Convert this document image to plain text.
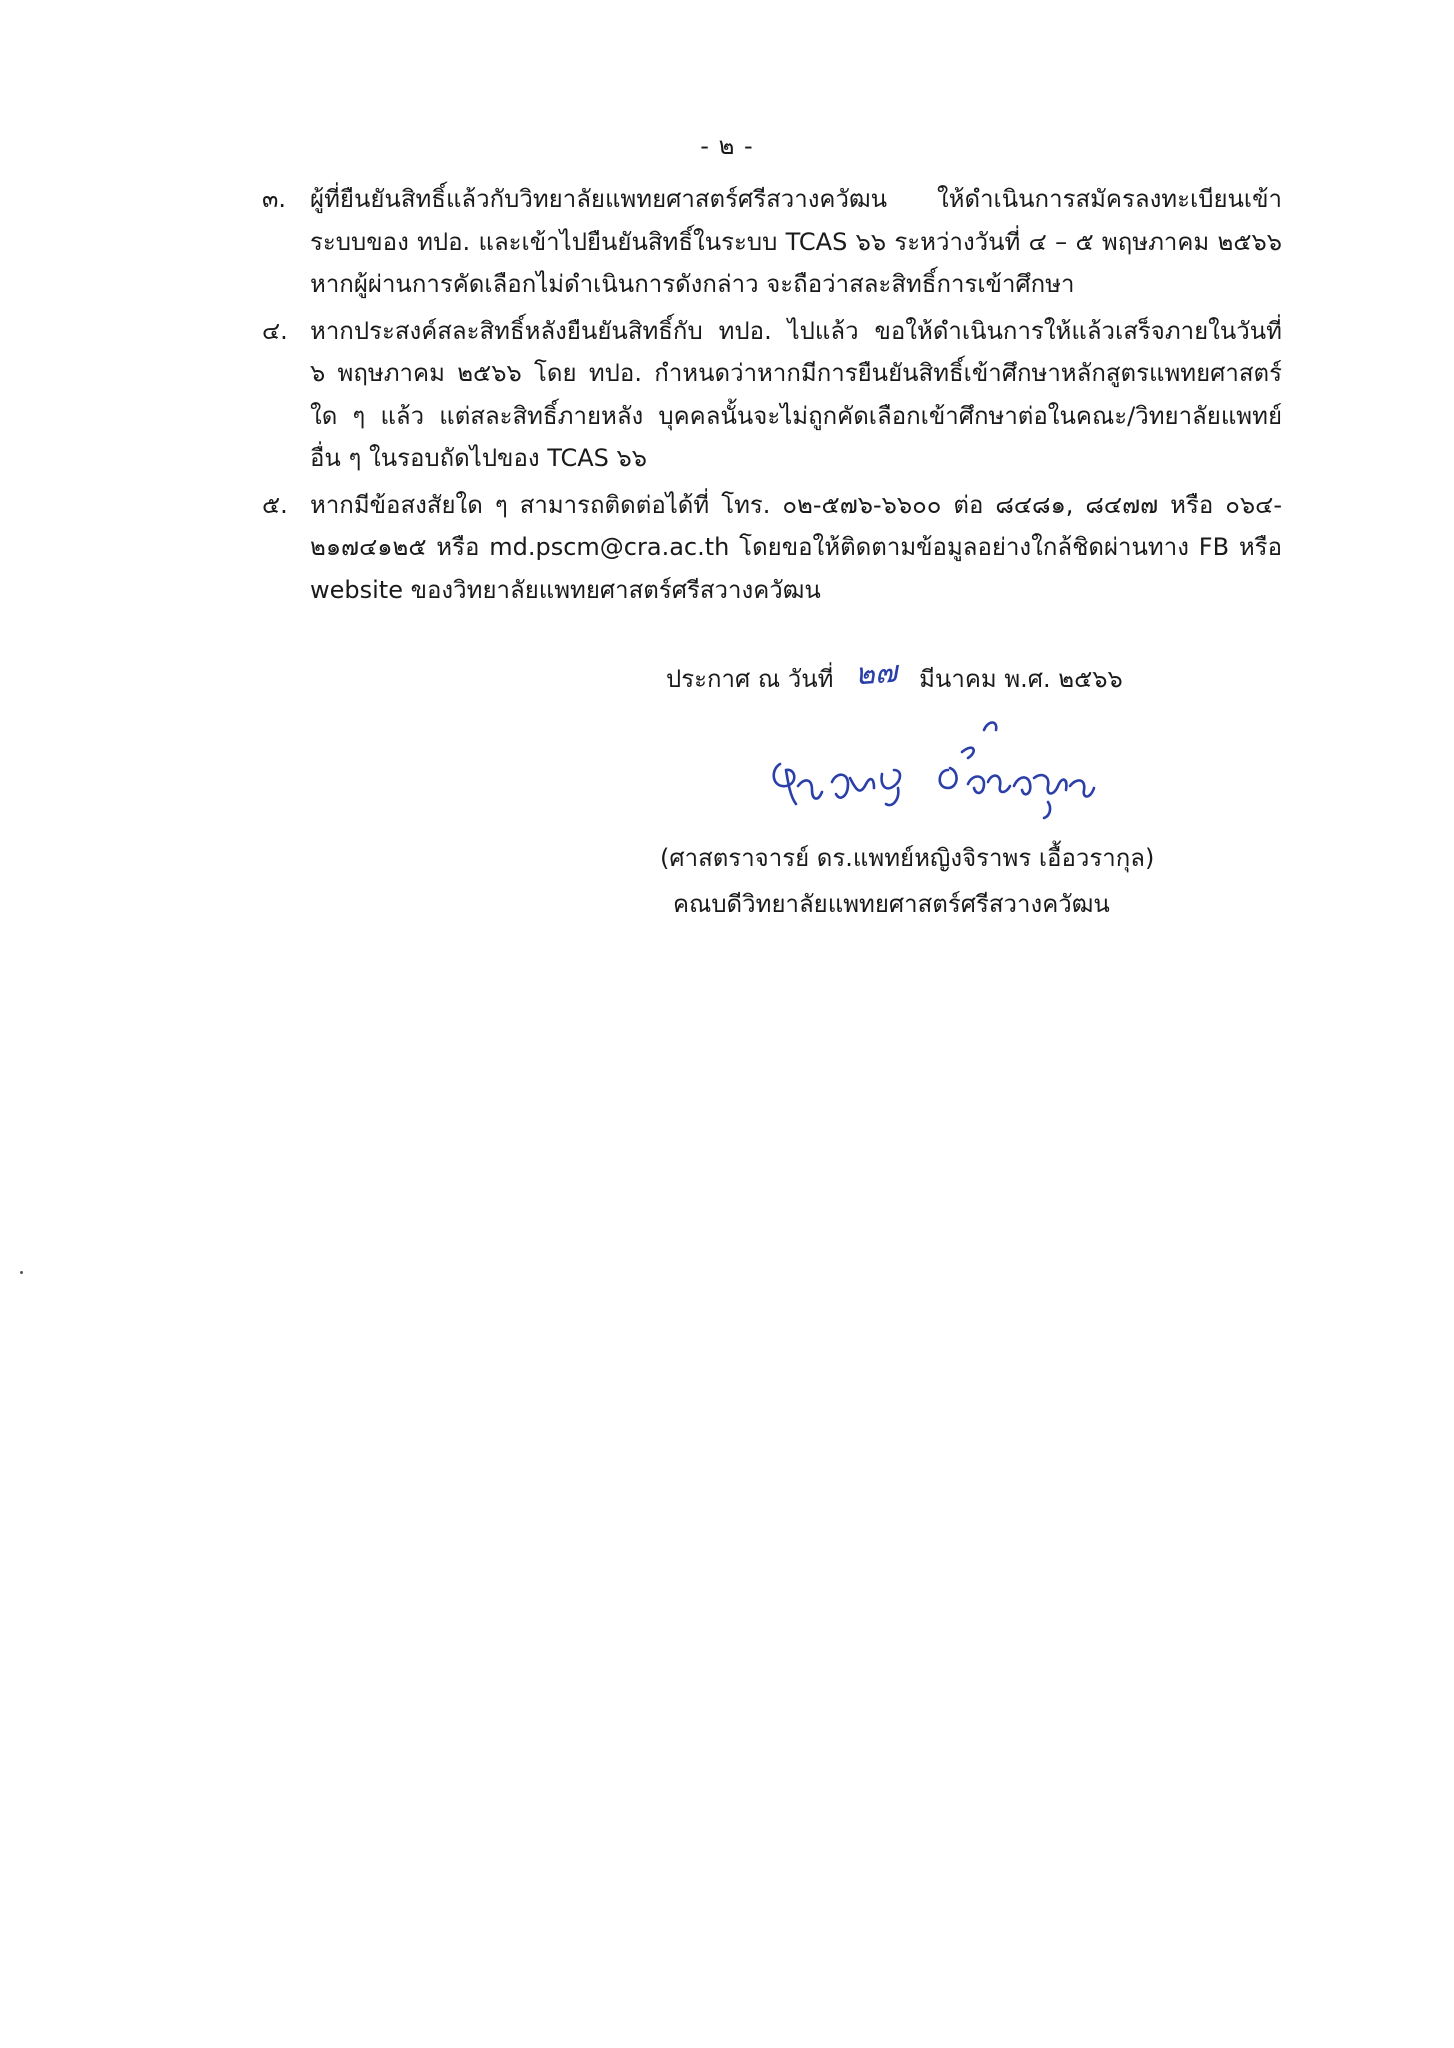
- ๒ -
๓. ผู้ที่ยืนยันสิทธิ์แล้วกับวิทยาลัยแพทยศาสตร์ศรีสวางควัฒน ให้ดำเนินการสมัครลงทะเบียนเข้า
ระบบของ ทปอ. และเข้าไปยืนยันสิทธิ์ในระบบ TCAS ๖๖ ระหว่างวันที่ ๔ – ๕ พฤษภาคม ๒๕๖๖
หากผู้ผ่านการคัดเลือกไม่ดำเนินการดังกล่าว จะถือว่าสละสิทธิ์การเข้าศึกษา
๔. หากประสงค์สละสิทธิ์หลังยืนยันสิทธิ์กับ ทปอ. ไปแล้ว ขอให้ดำเนินการให้แล้วเสร็จภายในวันที่
๖ พฤษภาคม ๒๕๖๖ โดย ทปอ. กำหนดว่าหากมีการยืนยันสิทธิ์เข้าศึกษาหลักสูตรแพทยศาสตร์
ใด ๆ แล้ว แต่สละสิทธิ์ภายหลัง บุคคลนั้นจะไม่ถูกคัดเลือกเข้าศึกษาต่อในคณะ/วิทยาลัยแพทย์
อื่น ๆ ในรอบถัดไปของ TCAS ๖๖
๕. หากมีข้อสงสัยใด ๆ สามารถติดต่อได้ที่ โทร. ๐๒-๕๗๖-๖๖๐๐ ต่อ ๘๔๘๑, ๘๔๗๗ หรือ ๐๖๔-
๒๑๗๔๑๒๕ หรือ md.pscm@cra.ac.th โดยขอให้ติดตามข้อมูลอย่างใกล้ชิดผ่านทาง FB หรือ
website ของวิทยาลัยแพทยศาสตร์ศรีสวางควัฒน
ประกาศ ณ วันที่ ๒๗ มีนาคม พ.ศ. ๒๕๖๖
(ศาสตราจารย์ ดร.แพทย์หญิงจิราพร เอื้อวรากุล)
คณบดีวิทยาลัยแพทยศาสตร์ศรีสวางควัฒน
